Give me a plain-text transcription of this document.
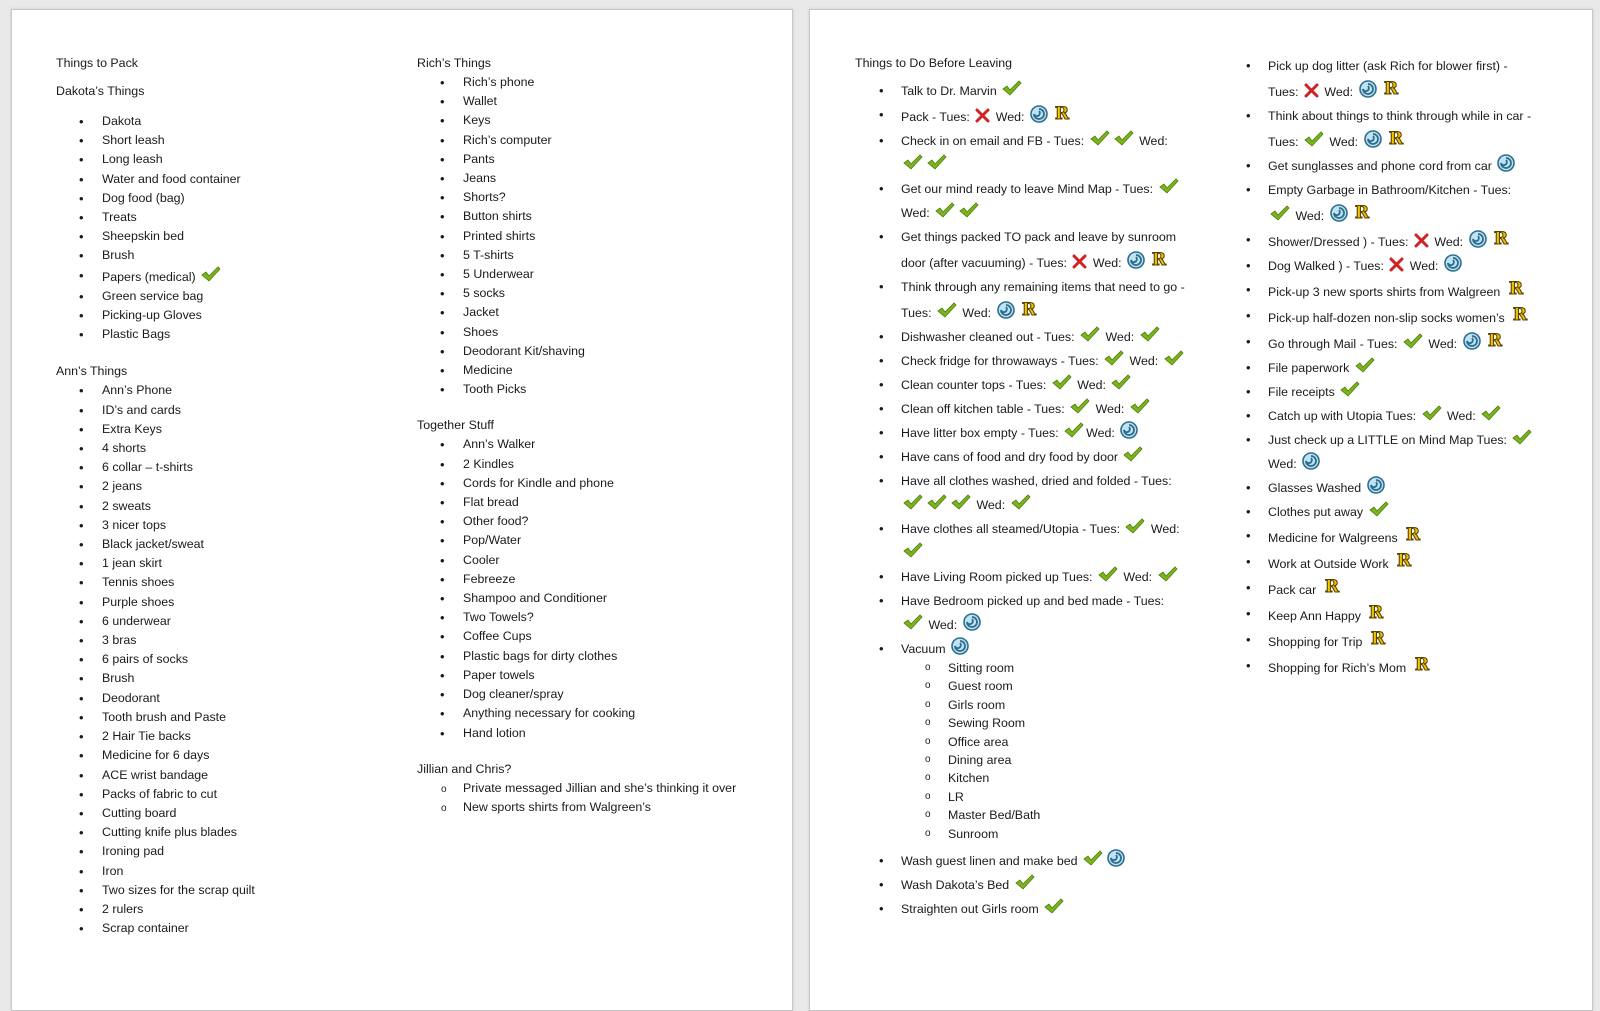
Things to Pack
Dakota’s Things
• Dakota
• Short leash
• Long leash
• Water and food container
• Dog food (bag)
• Treats
• Sheepskin bed
• Brush
• Papers (medical)
• Green service bag
• Picking-up Gloves
• Plastic Bags
Ann’s Things
• Ann’s Phone
• ID’s and cards
• Extra Keys
• 4 shorts
• 6 collar – t-shirts
• 2 jeans
• 2 sweats
• 3 nicer tops
• Black jacket/sweat
• 1 jean skirt
• Tennis shoes
• Purple shoes
• 6 underwear
• 3 bras
• 6 pairs of socks
• Brush
• Deodorant
• Tooth brush and Paste
• 2 Hair Tie backs
• Medicine for 6 days
• ACE wrist bandage
• Packs of fabric to cut
• Cutting board
• Cutting knife plus blades
• Ironing pad
• Iron
• Two sizes for the scrap quilt
• 2 rulers
• Scrap container
Rich’s Things
• Rich’s phone
• Wallet
• Keys
• Rich’s computer
• Pants
• Jeans
• Shorts?
• Button shirts
• Printed shirts
• 5 T-shirts
• 5 Underwear
• 5 socks
• Jacket
• Shoes
• Deodorant Kit/shaving
• Medicine
• Tooth Picks
Together Stuff
• Ann’s Walker
• 2 Kindles
• Cords for Kindle and phone
• Flat bread
• Other food?
• Pop/Water
• Cooler
• Febreeze
• Shampoo and Conditioner
• Two Towels?
• Coffee Cups
• Plastic bags for dirty clothes
• Paper towels
• Dog cleaner/spray
• Anything necessary for cooking
• Hand lotion
Jillian and Chris?
o Private messaged Jillian and she’s thinking it over
o New sports shirts from Walgreen’s
Things to Do Before Leaving
• Talk to Dr. Marvin
• Pack - Tues:
Wed: R
• Check in on email and FB - Tues:	Wed:
• Get our mind ready to leave Mind Map - Tues:
Wed:
• Get things packed TO pack and leave by sunroom door (after vacuuming) - Tues:
Wed: R
• Think through any remaining items that need to go - Tues:
Wed: R
• Dishwasher cleaned out - Tues:
Wed:
• Check fridge for throwaways - Tues:
Wed:
• Clean counter tops - Tues:
Wed:
• Clean off kitchen table - Tues:
Wed:
• Have litter box empty - Tues:
Wed:
• Have cans of food and dry food by door
• Have all clothes washed, dried and folded - Tues:
Wed:
• Have clothes all steamed/Utopia - Tues:
Wed:
• Have Living Room picked up Tues:
Wed:
• Have Bedroom picked up and bed made - Tues:
Wed:
• Vacuum
o Sitting room
o Guest room
o Girls room
o Sewing Room
o Office area
o Dining area
o Kitchen
o LR
o Master Bed/Bath
o Sunroom
• Wash guest linen and make bed
• Wash Dakota’s Bed
• Straighten out Girls room
• Pick up dog litter (ask Rich for blower first) - Tues:
Wed: R
• Think about things to think through while in car - Tues:
Wed: R
• Get sunglasses and phone cord from car
• Empty Garbage in Bathroom/Kitchen - Tues:
Wed: R
• Shower/Dressed ) - Tues:
Wed: R
• Dog Walked ) - Tues:
Wed:
• Pick-up 3 new sports shirts from Walgreen R
• Pick-up half-dozen non-slip socks women’s R
• Go through Mail - Tues:
Wed: R
• File paperwork
• File receipts
• Catch up with Utopia Tues:
Wed:
• Just check up a LITTLE on Mind Map Tues:
Wed:
• Glasses Washed
• Clothes put away
• Medicine for Walgreens R
• Work at Outside Work R
• Pack car R
• Keep Ann Happy R
• Shopping for Trip R
• Shopping for Rich’s Mom R
